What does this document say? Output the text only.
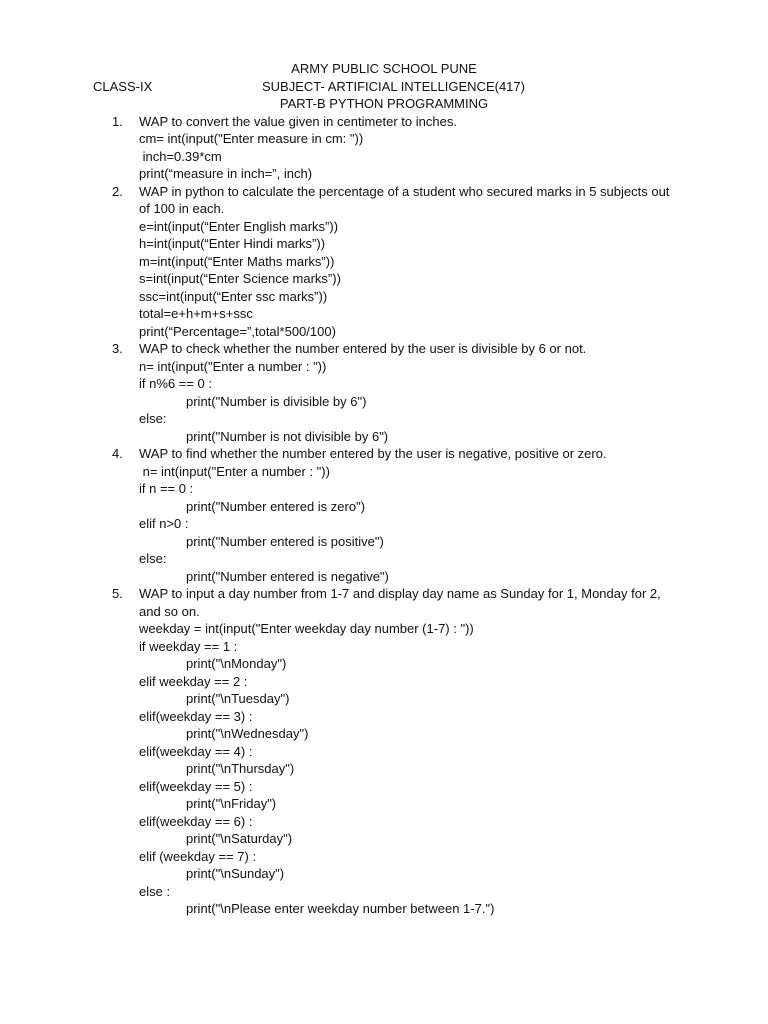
ARMY PUBLIC SCHOOL PUNE
CLASS-IX	SUBJECT- ARTIFICIAL INTELLIGENCE(417)
PART-B PYTHON PROGRAMMING
1.	WAP to convert the value given in centimeter to inches.
cm= int(input("Enter measure in cm: "))
inch=0.39*cm
print(“measure in inch=”, inch)
2.	WAP in python to calculate the percentage of a student who secured marks in 5 subjects out
of 100 in each.
e=int(input(“Enter English marks”))
h=int(input(“Enter Hindi marks”))
m=int(input(“Enter Maths marks”))
s=int(input(“Enter Science marks”))
ssc=int(input(“Enter ssc marks”))
total=e+h+m+s+ssc
print(“Percentage=”,total*500/100)
3.	WAP to check whether the number entered by the user is divisible by 6 or not.
n= int(input("Enter a number : "))
if n%6 == 0 :
print("Number is divisible by 6")
else:
print("Number is not divisible by 6")
4.	WAP to find whether the number entered by the user is negative, positive or zero.
n= int(input("Enter a number : "))
if n == 0 :
print("Number entered is zero")
elif n>0 :
print("Number entered is positive")
else:
print("Number entered is negative")
5.	WAP to input a day number from 1-7 and display day name as Sunday for 1, Monday for 2,
and so on.
weekday = int(input("Enter weekday day number (1-7) : "))
if weekday == 1 :
print("\nMonday")
elif weekday == 2 :
print("\nTuesday")
elif(weekday == 3) :
print("\nWednesday")
elif(weekday == 4) :
print("\nThursday")
elif(weekday == 5) :
print("\nFriday")
elif(weekday == 6) :
print("\nSaturday")
elif (weekday == 7) :
print("\nSunday")
else :
print("\nPlease enter weekday number between 1-7.")
